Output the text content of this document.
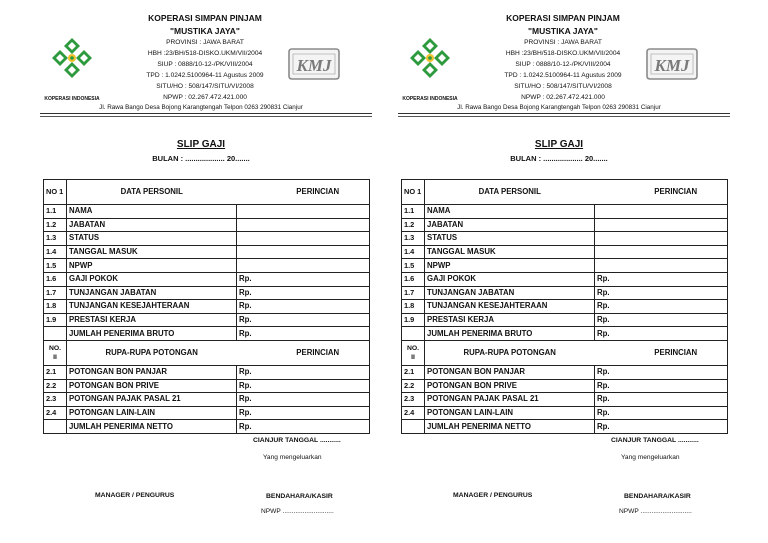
KOPERASI INDONESIA
KOPERASI SIMPAN PINJAM
"MUSTIKA JAYA"
PROVINSI : JAWA BARAT
HBH :23/BH/518-DISKO.UKM/VII/2004
SIUP : 0888/10-12-/PK/VIII/2004
TPD : 1.0242.5100964-11 Agustus 2009
SITU/HO : 508/147/SITU/VI/2008
NPWP : 02.267.472.421.000
KMJ
Jl. Rawa Bango Desa Bojong Karangtengah Telpon 0263 290831 Cianjur
SLIP GAJI
BULAN : ................... 20.......
NO 1	DATA PERSONIL		PERINCIAN
1.1	NAMA		
1.2	JABATAN		
1.3	STATUS		
1.4	TANGGAL MASUK		
1.5	NPWP		
1.6	GAJI POKOK	Rp.	
1.7	TUNJANGAN JABATAN	Rp.	
1.8	TUNJANGAN KESEJAHTERAAN	Rp.	
1.9	PRESTASI KERJA	Rp.	
	JUMLAH PENERIMA BRUTO	Rp.	
NO.
II	RUPA-RUPA POTONGAN		PERINCIAN
2.1	POTONGAN BON PANJAR	Rp.	
2.2	POTONGAN BON PRIVE	Rp.	
2.3	POTONGAN PAJAK PASAL 21	Rp.	
2.4	POTONGAN LAIN-LAIN	Rp.	
	JUMLAH PENERIMA NETTO	Rp.	
CIANJUR TANGGAL ...........
Yang mengeluarkan
MANAGER / PENGURUS	BENDAHARA/KASIR
NPWP ............................
KOPERASI INDONESIA
KOPERASI SIMPAN PINJAM
"MUSTIKA JAYA"
PROVINSI : JAWA BARAT
HBH :23/BH/518-DISKO.UKM/VII/2004
SIUP : 0888/10-12-/PK/VIII/2004
TPD : 1.0242.5100964-11 Agustus 2009
SITU/HO : 508/147/SITU/VI/2008
NPWP : 02.267.472.421.000
KMJ
Jl. Rawa Bango Desa Bojong Karangtengah Telpon 0263 290831 Cianjur
SLIP GAJI
BULAN : ................... 20.......
NO 1	DATA PERSONIL		PERINCIAN
1.1	NAMA		
1.2	JABATAN		
1.3	STATUS		
1.4	TANGGAL MASUK		
1.5	NPWP		
1.6	GAJI POKOK	Rp.	
1.7	TUNJANGAN JABATAN	Rp.	
1.8	TUNJANGAN KESEJAHTERAAN	Rp.	
1.9	PRESTASI KERJA	Rp.	
	JUMLAH PENERIMA BRUTO	Rp.	
NO.
II	RUPA-RUPA POTONGAN		PERINCIAN
2.1	POTONGAN BON PANJAR	Rp.	
2.2	POTONGAN BON PRIVE	Rp.	
2.3	POTONGAN PAJAK PASAL 21	Rp.	
2.4	POTONGAN LAIN-LAIN	Rp.	
	JUMLAH PENERIMA NETTO	Rp.	
CIANJUR TANGGAL ...........
Yang mengeluarkan
MANAGER / PENGURUS	BENDAHARA/KASIR
NPWP ............................
